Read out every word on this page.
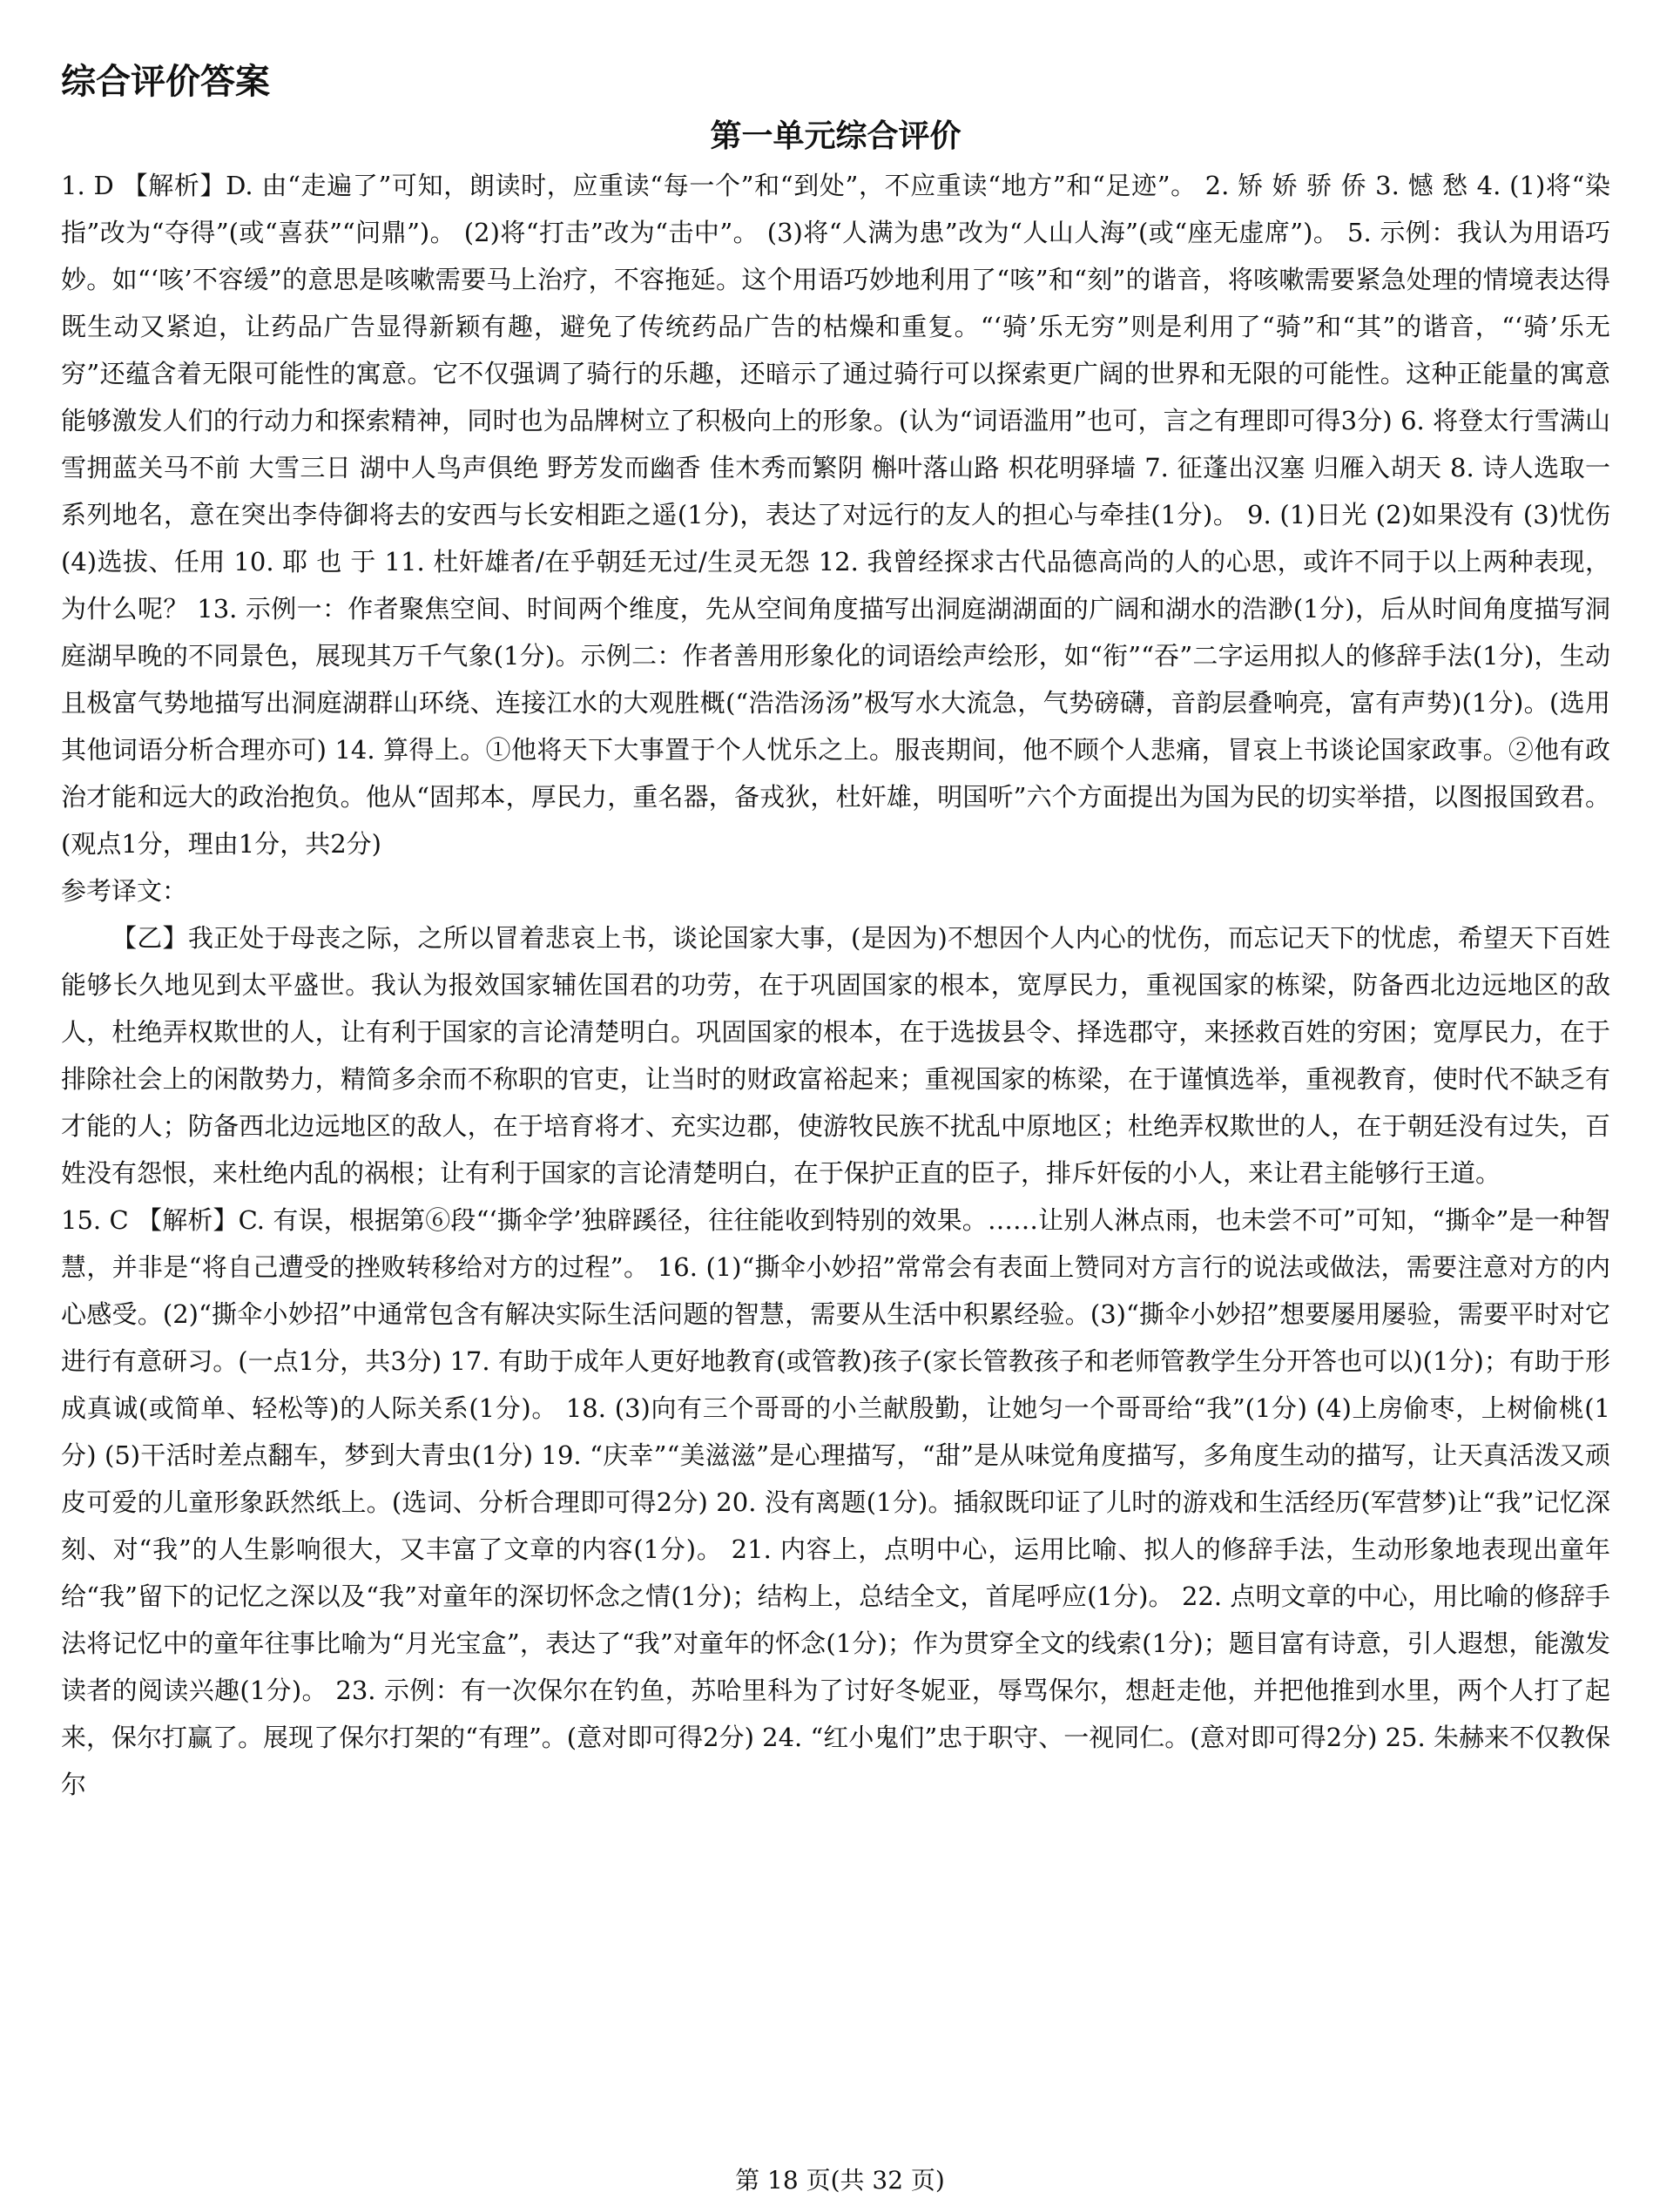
综合评价答案
第一单元综合评价

1. D 【解析】D. 由“走遍了”可知，朗读时，应重读“每一个”和“到处”，不应重读“地方”和“足迹”。 2. 矫 娇 骄 侨 3. 憾 愁 4. (1)将“染指”改为“夺得”(或“喜获”“问鼎”)。 (2)将“打击”改为“击中”。 (3)将“人满为患”改为“人山人海”(或“座无虚席”)。 5. 示例：我认为用语巧妙。如“‘咳’不容缓”的意思是咳嗽需要马上治疗，不容拖延。这个用语巧妙地利用了“咳”和“刻”的谐音，将咳嗽需要紧急处理的情境表达得既生动又紧迫，让药品广告显得新颖有趣，避免了传统药品广告的枯燥和重复。“‘骑’乐无穷”则是利用了“骑”和“其”的谐音，“‘骑’乐无穷”还蕴含着无限可能性的寓意。它不仅强调了骑行的乐趣，还暗示了通过骑行可以探索更广阔的世界和无限的可能性。这种正能量的寓意能够激发人们的行动力和探索精神，同时也为品牌树立了积极向上的形象。(认为“词语滥用”也可，言之有理即可得3分) 6. 将登太行雪满山 雪拥蓝关马不前 大雪三日 湖中人鸟声俱绝 野芳发而幽香 佳木秀而繁阴 槲叶落山路 枳花明驿墙 7. 征蓬出汉塞 归雁入胡天 8. 诗人选取一系列地名，意在突出李侍御将去的安西与长安相距之遥(1分)，表达了对远行的友人的担心与牵挂(1分)。 9. (1)日光 (2)如果没有 (3)忧伤 (4)选拔、任用 10. 耶 也 于 11. 杜奸雄者/在乎朝廷无过/生灵无怨 12. 我曾经探求古代品德高尚的人的心思，或许不同于以上两种表现，为什么呢？ 13. 示例一：作者聚焦空间、时间两个维度，先从空间角度描写出洞庭湖湖面的广阔和湖水的浩渺(1分)，后从时间角度描写洞庭湖早晚的不同景色，展现其万千气象(1分)。示例二：作者善用形象化的词语绘声绘形，如“衔”“吞”二字运用拟人的修辞手法(1分)，生动且极富气势地描写出洞庭湖群山环绕、连接江水的大观胜概(“浩浩汤汤”极写水大流急，气势磅礴，音韵层叠响亮，富有声势)(1分)。(选用其他词语分析合理亦可) 14. 算得上。①他将天下大事置于个人忧乐之上。服丧期间，他不顾个人悲痛，冒哀上书谈论国家政事。②他有政治才能和远大的政治抱负。他从“固邦本，厚民力，重名器，备戎狄，杜奸雄，明国听”六个方面提出为国为民的切实举措，以图报国致君。(观点1分，理由1分，共2分)

参考译文：

【乙】我正处于母丧之际，之所以冒着悲哀上书，谈论国家大事，(是因为)不想因个人内心的忧伤，而忘记天下的忧虑，希望天下百姓能够长久地见到太平盛世。我认为报效国家辅佐国君的功劳，在于巩固国家的根本，宽厚民力，重视国家的栋梁，防备西北边远地区的敌人，杜绝弄权欺世的人，让有利于国家的言论清楚明白。巩固国家的根本，在于选拔县令、择选郡守，来拯救百姓的穷困；宽厚民力，在于排除社会上的闲散势力，精简多余而不称职的官吏，让当时的财政富裕起来；重视国家的栋梁，在于谨慎选举，重视教育，使时代不缺乏有才能的人；防备西北边远地区的敌人，在于培育将才、充实边郡，使游牧民族不扰乱中原地区；杜绝弄权欺世的人，在于朝廷没有过失，百姓没有怨恨，来杜绝内乱的祸根；让有利于国家的言论清楚明白，在于保护正直的臣子，排斥奸佞的小人，来让君主能够行王道。

15. C 【解析】C. 有误，根据第⑥段“‘撕伞学’独辟蹊径，往往能收到特别的效果。……让别人淋点雨，也未尝不可”可知，“撕伞”是一种智慧，并非是“将自己遭受的挫败转移给对方的过程”。 16. (1)“撕伞小妙招”常常会有表面上赞同对方言行的说法或做法，需要注意对方的内心感受。(2)“撕伞小妙招”中通常包含有解决实际生活问题的智慧，需要从生活中积累经验。(3)“撕伞小妙招”想要屡用屡验，需要平时对它进行有意研习。(一点1分，共3分) 17. 有助于成年人更好地教育(或管教)孩子(家长管教孩子和老师管教学生分开答也可以)(1分)；有助于形成真诚(或简单、轻松等)的人际关系(1分)。 18. (3)向有三个哥哥的小兰献殷勤，让她匀一个哥哥给“我”(1分) (4)上房偷枣，上树偷桃(1分) (5)干活时差点翻车，梦到大青虫(1分) 19. “庆幸”“美滋滋”是心理描写，“甜”是从味觉角度描写，多角度生动的描写，让天真活泼又顽皮可爱的儿童形象跃然纸上。(选词、分析合理即可得2分) 20. 没有离题(1分)。插叙既印证了儿时的游戏和生活经历(军营梦)让“我”记忆深刻、对“我”的人生影响很大，又丰富了文章的内容(1分)。 21. 内容上，点明中心，运用比喻、拟人的修辞手法，生动形象地表现出童年给“我”留下的记忆之深以及“我”对童年的深切怀念之情(1分)；结构上，总结全文，首尾呼应(1分)。 22. 点明文章的中心，用比喻的修辞手法将记忆中的童年往事比喻为“月光宝盒”，表达了“我”对童年的怀念(1分)；作为贯穿全文的线索(1分)；题目富有诗意，引人遐想，能激发读者的阅读兴趣(1分)。 23. 示例：有一次保尔在钓鱼，苏哈里科为了讨好冬妮亚，辱骂保尔，想赶走他，并把他推到水里，两个人打了起来，保尔打赢了。展现了保尔打架的“有理”。(意对即可得2分) 24. “红小鬼们”忠于职守、一视同仁。(意对即可得2分) 25. 朱赫来不仅教保尔

第 18 页(共 32 页)
